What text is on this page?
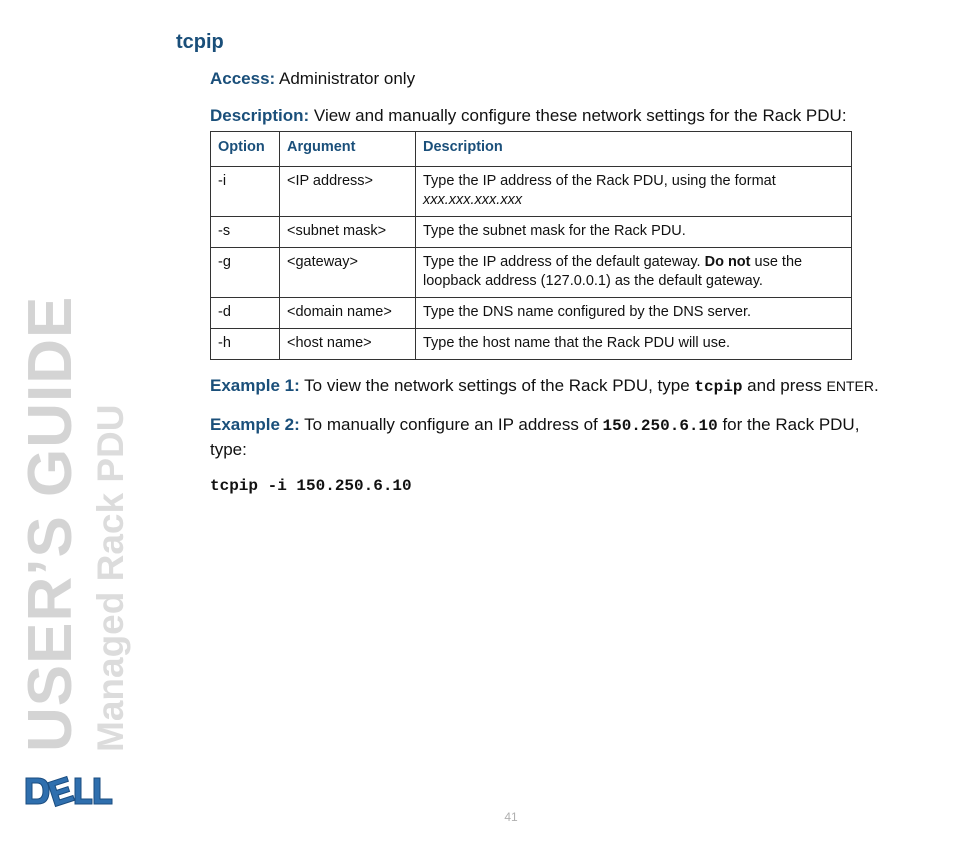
USER’S GUIDE Managed Rack PDU
tcpip

Access: Administrator only

Description: View and manually configure these network settings for the Rack PDU:

Option	Argument	Description
-i	<IP address>	Type the IP address of the Rack PDU, using the format
xxx.xxx.xxx.xxx

-s	<subnet mask>	Type the subnet mask for the Rack PDU.
-g	<gateway>	Type the IP address of the default gateway. Do not use the loopback address (127.0.0.1) as the default gateway.
-d	<domain name>	Type the DNS name configured by the DNS server.
-h	<host name>	Type the host name that the Rack PDU will use.

Example 1: To view the network settings of the Rack PDU, type tcpip and press ENTER.

Example 2: To manually configure an IP address of 150.250.6.10 for the Rack PDU, type:

tcpip -i 150.250.6.10

41
